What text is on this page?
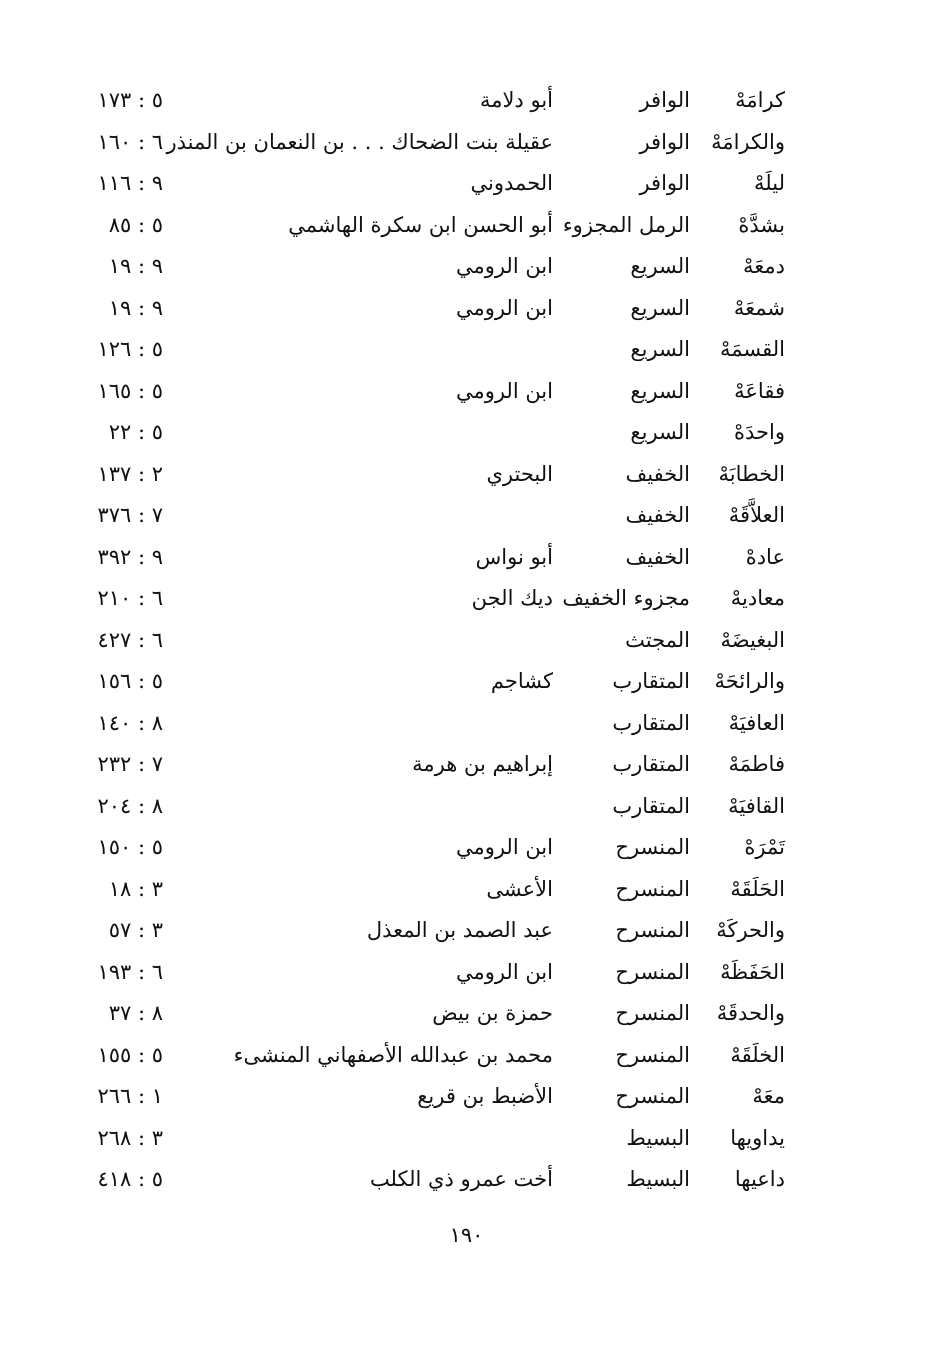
كرامَهْ
الوافر
أبو دلامة
٥ : ١٧٣
والكرامَهْ
الوافر
عقيلة بنت الضحاك . . . بن النعمان بن المنذر
٦ : ١٦٠
ليلَهْ
الوافر
الحمدوني
٩ : ١١٦
بشدَّهْ
الرمل المجزوء
أبو الحسن ابن سكرة الهاشمي
٥ : ٨٥
دمعَهْ
السريع
ابن الرومي
٩ : ١٩
شمعَهْ
السريع
ابن الرومي
٩ : ١٩
القسمَهْ
السريع
٥ : ١٢٦
فقاعَهْ
السريع
ابن الرومي
٥ : ١٦٥
واحدَهْ
السريع
٥ : ٢٢
الخطابَهْ
الخفيف
البحتري
٢ : ١٣٧
العلاَّقَهْ
الخفيف
٧ : ٣٧٦
عادهْ
الخفيف
أبو نواس
٩ : ٣٩٢
معاديهْ
مجزوء الخفيف
ديك الجن
٦ : ٢١٠
البغيضَهْ
المجتث
٦ : ٤٢٧
والرائحَهْ
المتقارب
كشاجم
٥ : ١٥٦
العافيَهْ
المتقارب
٨ : ١٤٠
فاطمَهْ
المتقارب
إبراهيم بن هرمة
٧ : ٢٣٢
القافيَهْ
المتقارب
٨ : ٢٠٤
تَمْرَهْ
المنسرح
ابن الرومي
٥ : ١٥٠
الحَلَقَهْ
المنسرح
الأعشى
٣ : ١٨
والحركَهْ
المنسرح
عبد الصمد بن المعذل
٣ : ٥٧
الحَفَظَهْ
المنسرح
ابن الرومي
٦ : ١٩٣
والحدقَهْ
المنسرح
حمزة بن بيض
٨ : ٣٧
الخلَقَهْ
المنسرح
محمد بن عبدالله الأصفهاني المنشىء
٥ : ١٥٥
معَهْ
المنسرح
الأضبط بن قريع
١ : ٢٦٦
يداويها
البسيط
٣ : ٢٦٨
داعيها
البسيط
أخت عمرو ذي الكلب
٥ : ٤١٨
١٩٠
